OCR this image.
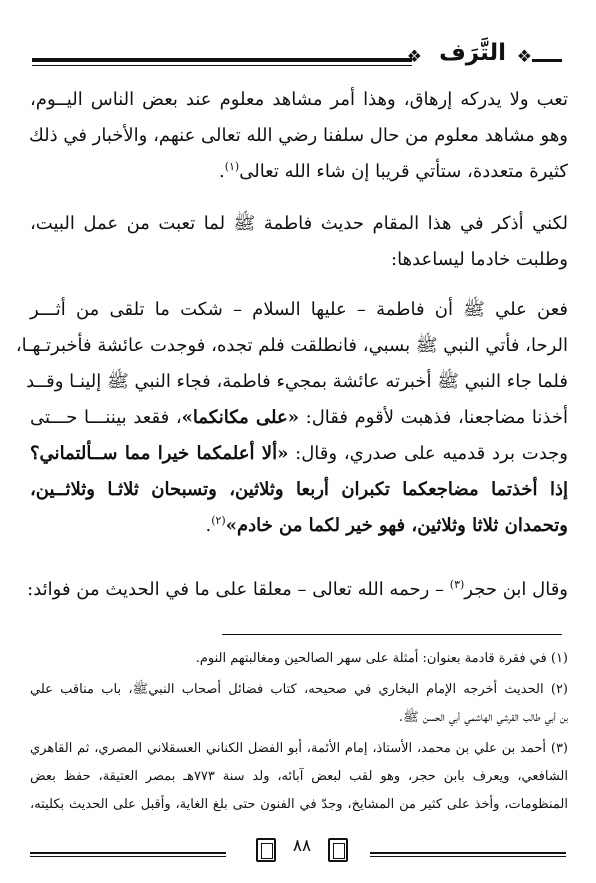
❖ التَّرَف ❖
تعب ولا يدركه إرهاق، وهذا أمر مشاهد معلوم عند بعض الناس اليــوم،
وهو مشاهد معلوم من حال سلفنا رضي الله تعالى عنهم، والأخبار في ذلك
كثيرة متعددة، ستأتي قريبا إن شاء الله تعالى$^{(١)}$.
لكني أذكر في هذا المقام حديث فاطمة ﷺ لما تعبت من عمل البيت،
وطلبت خادما ليساعدها:
فعن علي ﷺ أن فاطمة – عليها السلام – شكت ما تلقى من أثـــر
الرحا، فأتي النبي ﷺ بسبي، فانطلقت فلم تجده، فوجدت عائشة فأخبرتـهـا،
فلما جاء النبي ﷺ أخبرته عائشة بمجيء فاطمة، فجاء النبي ﷺ إلينـا وقــد
أخذنا مضاجعنا، فذهبت لأقوم فقال: «على مكانكما»، فقعد بيننـــا حـــتى
وجدت برد قدميه على صدري، وقال: «ألا أعلمكما خيرا مما ســألتماني؟
إذا أخذتما مضاجعكما تكبران أربعا وثلاثين، وتسبحان ثلاثـا وثلاثــين،
وتحمدان ثلاثا وثلاثين، فهو خير لكما من خادم»$^{(٢)}$.
وقال ابن حجر$^{(٣)}$ – رحمه الله تعالى – معلقا على ما في الحديث من فوائد:
(١) في فقرة قادمة بعنوان: أمثلة على سهر الصالحين ومغالبتهم النوم.
(٢) الحديث أخرجه الإمام البخاري في صحيحه، كتاب فضائل أصحاب النبيﷺ، باب مناقب علي
بن أبي طالب القرشي الهاشمي أبي الحسن ﷺ.
(٣) أحمد بن علي بن محمد، الأستاذ، إمام الأئمة، أبو الفضل الكناني العسقلاني المصري، ثم القاهري
الشافعي، ويعرف بابن حجر، وهو لقب لبعض آبائه، ولد سنة ٧٧٣هـ بمصر العتيقة، حفظ بعض
المنظومات، وأخذ على كثير من المشايخ، وجدّ في الفنون حتى بلغ الغاية، وأقبل على الحديث بكليته،
٨٨
